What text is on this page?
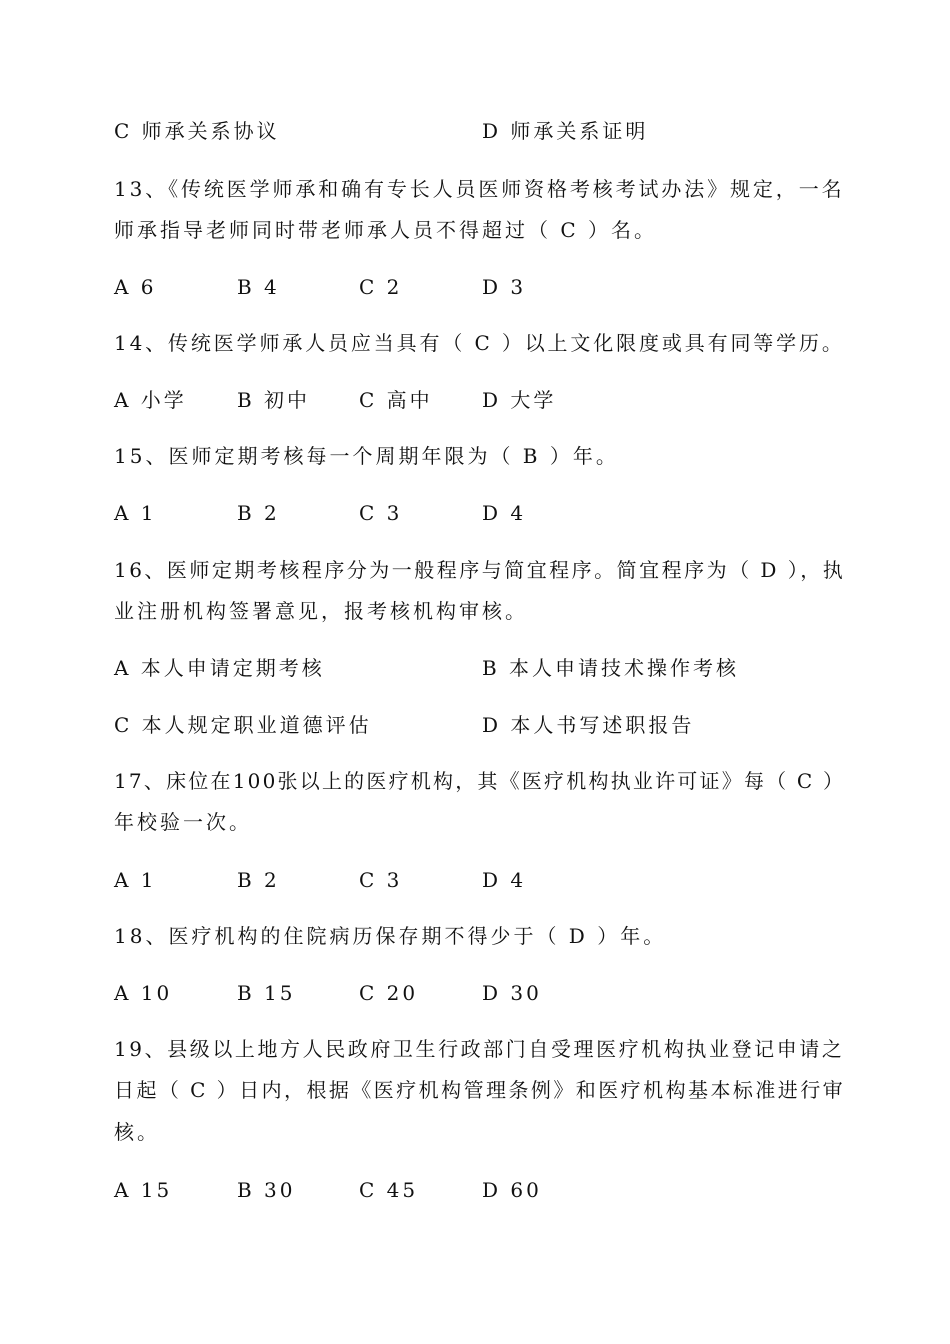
C 师承关系协议	D 师承关系证明
13、《传统医学师承和确有专长人员医师资格考核考试办法》规定，一名
师承指导老师同时带老师承人员不得超过（ C ）名。
A 6	B 4	C 2	D 3
14、传统医学师承人员应当具有（ C ）以上文化限度或具有同等学历。
A 小学	B 初中 C 高中 D 大学
15、医师定期考核每一个周期年限为（ B ）年。
A 1	B 2	C 3	D 4
16、医师定期考核程序分为一般程序与简宜程序。简宜程序为（ D ），执
业注册机构签署意见，报考核机构审核。
A 本人申请定期考核	B 本人申请技术操作考核
C 本人规定职业道德评估	D 本人书写述职报告
17、床位在100张以上的医疗机构，其《医疗机构执业许可证》每（ C ）
年校验一次。
A 1	B 2	C 3	D 4
18、医疗机构的住院病历保存期不得少于（ D ）年。
A 10	B 15	C 20	D 30
19、县级以上地方人民政府卫生行政部门自受理医疗机构执业登记申请之
日起（ C ）日内，根据《医疗机构管理条例》和医疗机构基本标准进行审
核。
A 15	B 30	C 45	D 60
